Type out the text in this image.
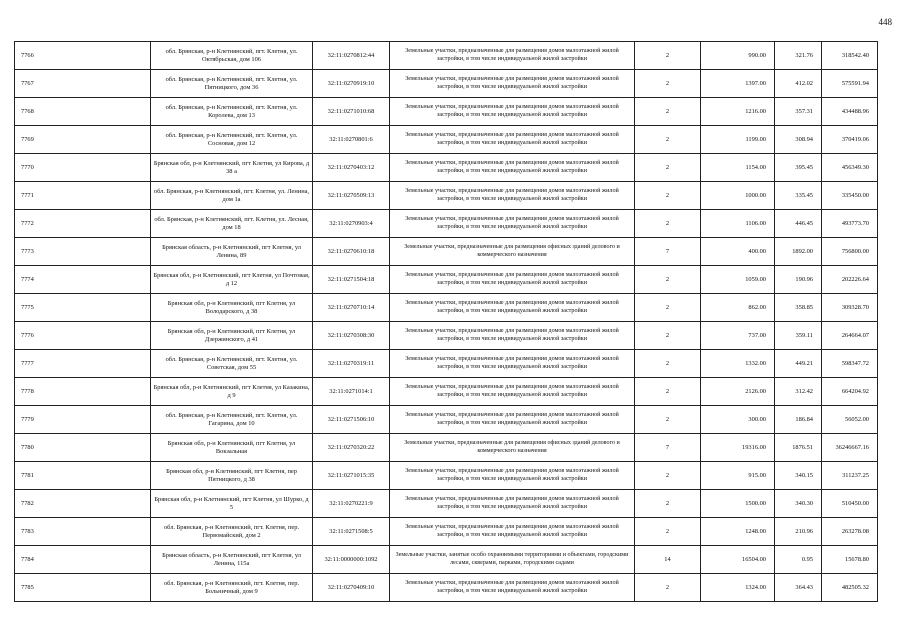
448
7766	обл. Брянская, р-н Клетнянский, пгт. Клетня, ул. Октябрьская, дом 106	32:11:0270812:44	Земельные участки, предназначенные для размещения домов малоэтажной жилой застройки, в том числе индивидуальной жилой застройки	2	990.00	321.76	318542.40
7767	обл. Брянская, р-н Клетнянский, пгт. Клетня, ул. Пятницкого, дом 36	32:11:0270919:10	Земельные участки, предназначенные для размещения домов малоэтажной жилой застройки, в том числе индивидуальной жилой застройки	2	1397.00	412.02	575591.94
7768	обл. Брянская, р-н Клетнянский, пгт. Клетня, ул. Королева, дом 13	32:11:0271010:68	Земельные участки, предназначенные для размещения домов малоэтажной жилой застройки, в том числе индивидуальной жилой застройки	2	1216.00	357.31	434488.96
7769	обл. Брянская, р-н Клетнянский, пгт. Клетня, ул. Сосновая, дом 12	32:11:0270801:6	Земельные участки, предназначенные для размещения домов малоэтажной жилой застройки, в том числе индивидуальной жилой застройки	2	1199.00	308.94	370419.06
7770	Брянская обл, р-н Клетнянский, пгт Клетня, ул Кирова, д 38 а	32:11:0270403:12	Земельные участки, предназначенные для размещения домов малоэтажной жилой застройки, в том числе индивидуальной жилой застройки	2	1154.00	395.45	456349.30
7771	обл. Брянская, р-н Клетнянский, пгт. Клетня, ул. Ленина, дом 1а	32:11:0270509:13	Земельные участки, предназначенные для размещения домов малоэтажной жилой застройки, в том числе индивидуальной жилой застройки	2	1000.00	335.45	335450.00
7772	обл. Брянская, р-н Клетнянский, пгт. Клетня, ул. Лесная, дом 18	32:11:0270903:4	Земельные участки, предназначенные для размещения домов малоэтажной жилой застройки, в том числе индивидуальной жилой застройки	2	1106.00	446.45	493773.70
7773	Брянская область, р-н Клетнянский, пгт Клетня, ул Ленина, 89	32:11:0270610:18	Земельные участки, предназначенные для размещения офисных зданий делового и коммерческого назначения	7	400.00	1892.00	756800.00
7774	Брянская обл, р-н Клетнянский, пгт Клетня, ул Почтовая, д 12	32:11:0271504:18	Земельные участки, предназначенные для размещения домов малоэтажной жилой застройки, в том числе индивидуальной жилой застройки	2	1059.00	190.96	202226.64
7775	Брянская обл, р-н Клетнянский, пгт Клетня, ул Володарского, д 38	32:11:0270710:14	Земельные участки, предназначенные для размещения домов малоэтажной жилой застройки, в том числе индивидуальной жилой застройки	2	862.00	358.85	309328.70
7776	Брянская обл, р-н Клетнянский, пгт Клетня, ул Дзержинского, д 41	32:11:0270308:30	Земельные участки, предназначенные для размещения домов малоэтажной жилой застройки, в том числе индивидуальной жилой застройки	2	737.00	359.11	264664.07
7777	обл. Брянская, р-н Клетнянский, пгт. Клетня, ул. Советская, дом 55	32:11:0270319:11	Земельные участки, предназначенные для размещения домов малоэтажной жилой застройки, в том числе индивидуальной жилой застройки	2	1332.00	449.21	598347.72
7778	Брянская обл, р-н Клетнянский, пгт Клетня, ул Казакина, д 9	32:11:0271014:1	Земельные участки, предназначенные для размещения домов малоэтажной жилой застройки, в том числе индивидуальной жилой застройки	2	2126.00	312.42	664204.92
7779	обл. Брянская, р-н Клетнянский, пгт. Клетня, ул. Гагарина, дом 10	32:11:0271506:10	Земельные участки, предназначенные для размещения домов малоэтажной жилой застройки, в том числе индивидуальной жилой застройки	2	300.00	186.84	56052.00
7780	Брянская обл, р-н Клетнянский, пгт Клетня, ул Вокзальная	32:11:0270320:22	Земельные участки, предназначенные для размещения офисных зданий делового и коммерческого назначения	7	19316.00	1876.51	36246667.16
7781	Брянская обл, р-н Клетнянский, пгт Клетня, пер Пятницкого, д 38	32:11:0271015:35	Земельные участки, предназначенные для размещения домов малоэтажной жилой застройки, в том числе индивидуальной жилой застройки	2	915.00	340.15	311237.25
7782	Брянская обл, р-н Клетнянский, пгт Клетня, ул Шурко, д 5	32:11:0270221:9	Земельные участки, предназначенные для размещения домов малоэтажной жилой застройки, в том числе индивидуальной жилой застройки	2	1500.00	340.30	510450.00
7783	обл. Брянская, р-н Клетнянский, пгт. Клетня, пер. Первомайский, дом 2	32:11:0271508:5	Земельные участки, предназначенные для размещения домов малоэтажной жилой застройки, в том числе индивидуальной жилой застройки	2	1248.00	210.96	263278.08
7784	Брянская область, р-н Клетнянский, пгт Клетня, ул Ленина, 115а	32:11:0000000:1092	Земельные участки, занятые особо охраняемыми территориями и объектами, городскими лесами, скверами, парками, городскими садами	14	16504.00	0.95	15678.80
7785	обл. Брянская, р-н Клетнянский, пгт. Клетня, пер. Больничный, дом 9	32:11:0270409:10	Земельные участки, предназначенные для размещения домов малоэтажной жилой застройки, в том числе индивидуальной жилой застройки	2	1324.00	364.43	482505.32
